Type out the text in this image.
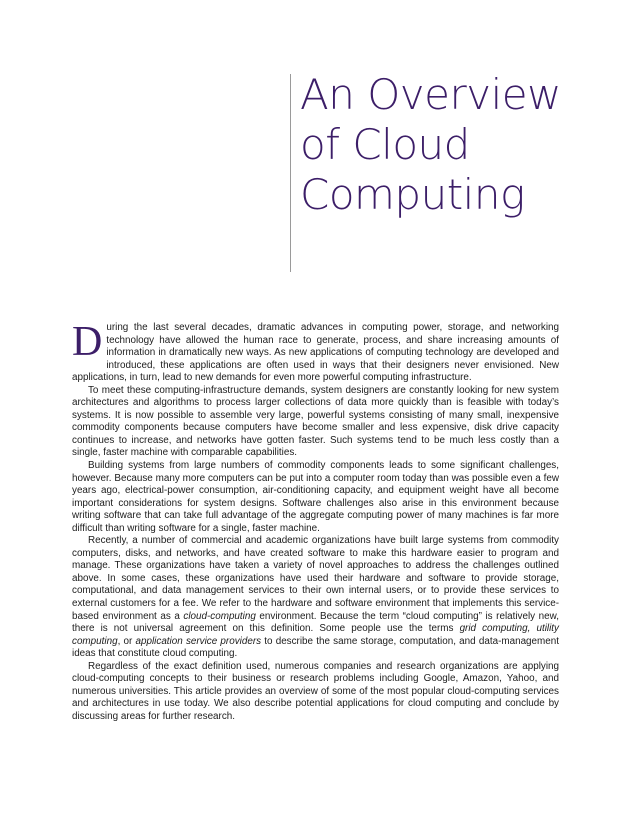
An Overview
of Cloud
Computing

During the last several decades, dramatic advances in computing power, storage, and networking technology have allowed the human race to generate, process, and share increasing amounts of information in dramatically new ways. As new applications of computing technology are developed and introduced, these applications are often used in ways that their designers never envisioned. New applications, in turn, lead to new demands for even more powerful computing infrastructure.

To meet these computing-infrastructure demands, system designers are constantly looking for new system architectures and algorithms to process larger collections of data more quickly than is feasible with today’s systems. It is now possible to assemble very large, powerful systems consisting of many small, inexpensive commodity components because computers have become smaller and less expensive, disk drive capacity continues to increase, and networks have gotten faster. Such systems tend to be much less costly than a single, faster machine with comparable capabilities.

Building systems from large numbers of commodity components leads to some significant challenges, however. Because many more computers can be put into a computer room today than was possible even a few years ago, electrical-power consumption, air-conditioning capacity, and equipment weight have all become important considerations for system designs. Software challenges also arise in this environment because writing software that can take full advantage of the aggregate computing power of many machines is far more difficult than writing software for a single, faster machine.

Recently, a number of commercial and academic organizations have built large systems from commodity computers, disks, and networks, and have created software to make this hardware easier to program and manage. These organizations have taken a variety of novel approaches to address the challenges outlined above. In some cases, these organizations have used their hardware and software to provide storage, computational, and data management services to their own internal users, or to provide these services to external customers for a fee. We refer to the hardware and software environment that implements this service-based environment as a cloud-computing environment. Because the term “cloud computing” is relatively new, there is not universal agreement on this definition. Some people use the terms grid computing, utility computing, or application service providers to describe the same storage, computation, and data-management ideas that constitute cloud computing.

Regardless of the exact definition used, numerous companies and research organizations are applying cloud-computing concepts to their business or research problems including Google, Amazon, Yahoo, and numerous universities. This article provides an overview of some of the most popular cloud-computing services and architectures in use today. We also describe potential applications for cloud computing and conclude by discussing areas for further research.
